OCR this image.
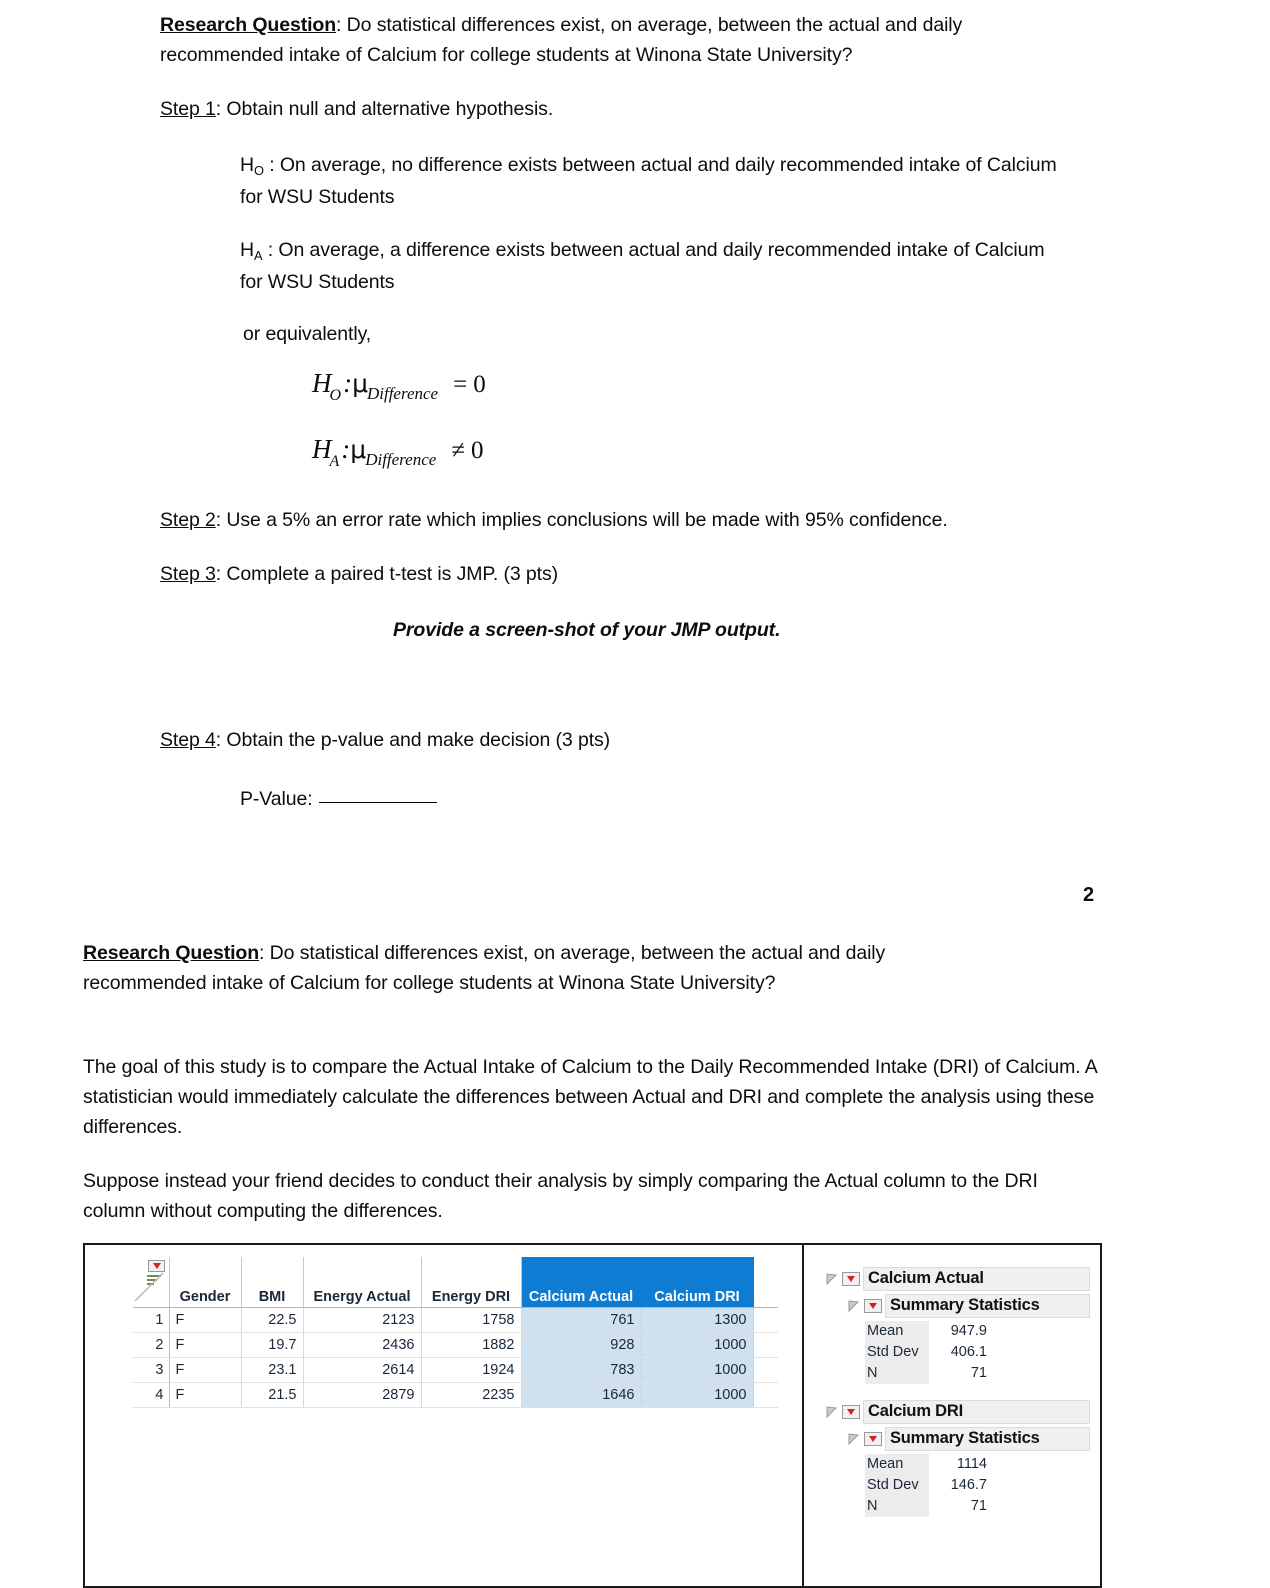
Research Question: Do statistical differences exist, on average, between the actual and daily recommended intake of Calcium for college students at Winona State University?
Step 1: Obtain null and alternative hypothesis.
$H_O$ : On average, no difference exists between actual and daily recommended intake of Calcium for WSU Students
$H_A$ : On average, a difference exists between actual and daily recommended intake of Calcium for WSU Students
or equivalently,
HO:μDifference = 0
HA:μDifference ≠ 0
Step 2: Use a 5% an error rate which implies conclusions will be made with 95% confidence.
Step 3: Complete a paired t-test is JMP. (3 pts)
Provide a screen-shot of your JMP output.
Step 4: Obtain the p-value and make decision (3 pts)
P-Value:
2
Research Question: Do statistical differences exist, on average, between the actual and daily recommended intake of Calcium for college students at Winona State University?
The goal of this study is to compare the Actual Intake of Calcium to the Daily Recommended Intake (DRI) of Calcium. A statistician would immediately calculate the differences between Actual and DRI and complete the analysis using these differences.
Suppose instead your friend decides to conduct their analysis by simply comparing the Actual column to the DRI column without computing the differences.
	Gender	BMI	Energy Actual	Energy DRI	Calcium Actual	Calcium DRI	
1	F	22.5	2123	1758	761	1300	
2	F	19.7	2436	1882	928	1000	
3	F	23.1	2614	1924	783	1000	
4	F	21.5	2879	2235	1646	1000	
Calcium Actual
Summary Statistics
Mean	947.9
Std Dev	406.1
N	71
Calcium DRI
Summary Statistics
Mean	1114
Std Dev	146.7
N	71
